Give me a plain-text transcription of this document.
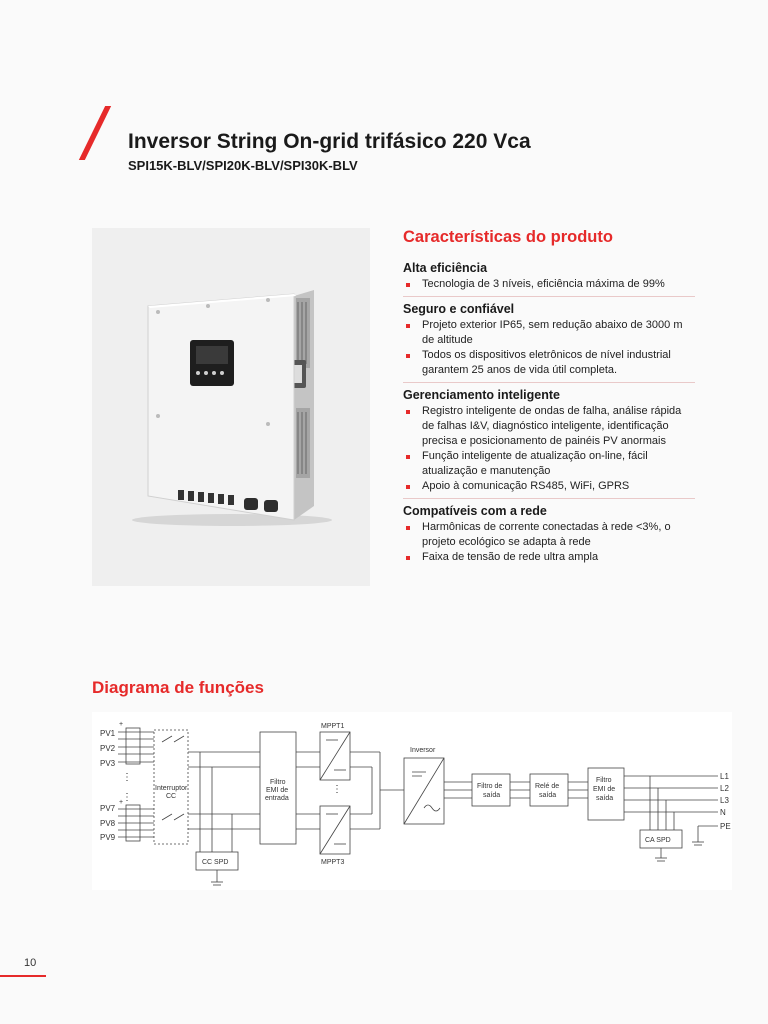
Inversor String On-grid trifásico 220 Vca
SPI15K-BLV/SPI20K-BLV/SPI30K-BLV
Características do produto
Alta eficiência
Tecnologia de 3 níveis, eficiência máxima de 99%
Seguro e confiável
Projeto exterior IP65, sem redução abaixo de 3000 m de altitude
Todos os dispositivos eletrônicos de nível industrial garantem 25 anos de vida útil completa.
Gerenciamento inteligente
Registro inteligente de ondas de falha, análise rápida de falhas I&V, diagnóstico inteligente, identificação precisa e posicionamento de painéis PV anormais
Função inteligente de atualização on-line, fácil atualização e manutenção
Apoio à comunicação RS485, WiFi, GPRS
Compatíveis com a rede
Harmônicas de corrente conectadas à rede <3%, o projeto ecológico se adapta à rede
Faixa de tensão de rede ultra ampla
Diagrama de funções
PV1
PV2
PV3
PV7
PV8
PV9
+
+
⋮
⋮
Interruptor
CC
CC SPD
Filtro
EMI de
entrada
MPPT1
⋮
MPPT3
Inversor
Filtro de
saída
Relé de
saída
Filtro
EMI de
saída
CA SPD
L1
L2
L3
N
PE
10
